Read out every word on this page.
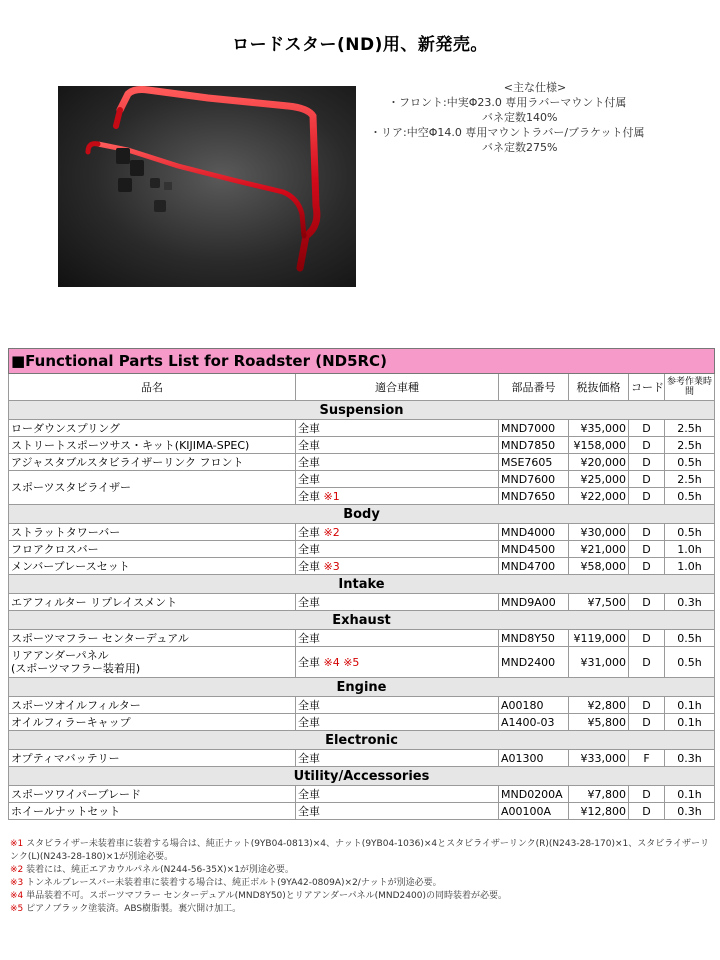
ロードスター(ND)用、新発売。
<主な仕様>
・フロント:中実Φ23.0 専用ラバーマウント付属
バネ定数140%
・リア:中空Φ14.0 専用マウントラバー/ブラケット付属
バネ定数275%
■Functional Parts List for Roadster (ND5RC)					
品名	適合車種	部品番号	税抜価格	コード	参考作業時間
Suspension					
ローダウンスプリング	全車	MND7000	¥35,000	D	2.5h
ストリートスポーツサス・キット(KIJIMA-SPEC)	全車	MND7850	¥158,000	D	2.5h
アジャスタブルスタビライザーリンク フロント	全車	MSE7605	¥20,000	D	0.5h
スポーツスタビライザー	全車	MND7600	¥25,000	D	2.5h
	全車 ※1	MND7650	¥22,000	D	0.5h
Body					
ストラットタワーバー	全車 ※2	MND4000	¥30,000	D	0.5h
フロアクロスバー	全車	MND4500	¥21,000	D	1.0h
メンバーブレースセット	全車 ※3	MND4700	¥58,000	D	1.0h
Intake					
エアフィルター リプレイスメント	全車	MND9A00	¥7,500	D	0.3h
Exhaust					
スポーツマフラー センターデュアル	全車	MND8Y50	¥119,000	D	0.5h
リアアンダーパネル
(スポーツマフラー装着用)	全車 ※4 ※5	MND2400	¥31,000	D	0.5h
Engine					
スポーツオイルフィルター	全車	A00180	¥2,800	D	0.1h
オイルフィラーキャップ	全車	A1400-03	¥5,800	D	0.1h
Electronic					
オプティマバッテリー	全車	A01300	¥33,000	F	0.3h
Utility/Accessories					
スポーツワイパーブレード	全車	MND0200A	¥7,800	D	0.1h
ホイールナットセット	全車	A00100A	¥12,800	D	0.3h
※1 スタビライザー未装着車に装着する場合は、純正ナット(9YB04-0813)×4、ナット(9YB04-1036)×4とスタビライザーリンク(R)(N243-28-170)×1、スタビライザーリンク(L)(N243-28-180)×1が別途必要。
※2 装着には、純正エアカウルパネル(N244-56-35X)×1が別途必要。
※3 トンネルブレースバー未装着車に装着する場合は、純正ボルト(9YA42-0809A)×2/ナットが別途必要。
※4 単品装着不可。スポーツマフラー センターデュアル(MND8Y50)とリアアンダーパネル(MND2400)の同時装着が必要。
※5 ピアノブラック塗装済。ABS樹脂製。裏穴開け加工。
